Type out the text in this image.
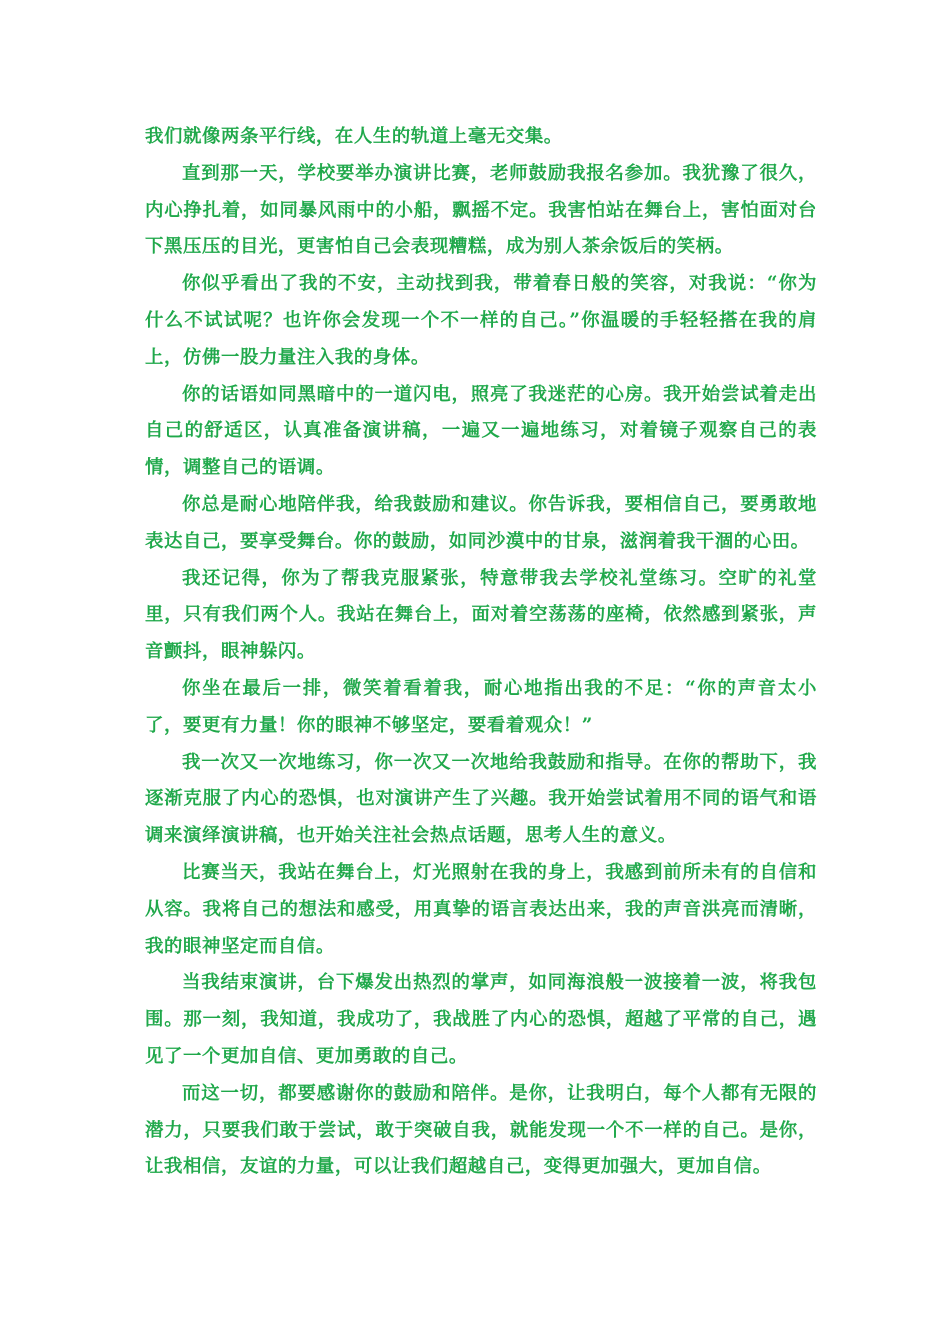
我们就像两条平行线，在人生的轨道上毫无交集。

直到那一天，学校要举办演讲比赛，老师鼓励我报名参加。我犹豫了很久，内心挣扎着，如同暴风雨中的小船，飘摇不定。我害怕站在舞台上，害怕面对台下黑压压的目光，更害怕自己会表现糟糕，成为别人茶余饭后的笑柄。

你似乎看出了我的不安，主动找到我，带着春日般的笑容，对我说：“你为什么不试试呢？也许你会发现一个不一样的自己。”你温暖的手轻轻搭在我的肩上，仿佛一股力量注入我的身体。

你的话语如同黑暗中的一道闪电，照亮了我迷茫的心房。我开始尝试着走出自己的舒适区，认真准备演讲稿，一遍又一遍地练习，对着镜子观察自己的表情，调整自己的语调。

你总是耐心地陪伴我，给我鼓励和建议。你告诉我，要相信自己，要勇敢地表达自己，要享受舞台。你的鼓励，如同沙漠中的甘泉，滋润着我干涸的心田。

我还记得，你为了帮我克服紧张，特意带我去学校礼堂练习。空旷的礼堂里，只有我们两个人。我站在舞台上，面对着空荡荡的座椅，依然感到紧张，声音颤抖，眼神躲闪。

你坐在最后一排，微笑着看着我，耐心地指出我的不足：“你的声音太小了，要更有力量！你的眼神不够坚定，要看着观众！”

我一次又一次地练习，你一次又一次地给我鼓励和指导。在你的帮助下，我逐渐克服了内心的恐惧，也对演讲产生了兴趣。我开始尝试着用不同的语气和语调来演绎演讲稿，也开始关注社会热点话题，思考人生的意义。

比赛当天，我站在舞台上，灯光照射在我的身上，我感到前所未有的自信和从容。我将自己的想法和感受，用真挚的语言表达出来，我的声音洪亮而清晰，我的眼神坚定而自信。

当我结束演讲，台下爆发出热烈的掌声，如同海浪般一波接着一波，将我包围。那一刻，我知道，我成功了，我战胜了内心的恐惧，超越了平常的自己，遇见了一个更加自信、更加勇敢的自己。

而这一切，都要感谢你的鼓励和陪伴。是你，让我明白，每个人都有无限的潜力，只要我们敢于尝试，敢于突破自我，就能发现一个不一样的自己。是你，让我相信，友谊的力量，可以让我们超越自己，变得更加强大，更加自信。
